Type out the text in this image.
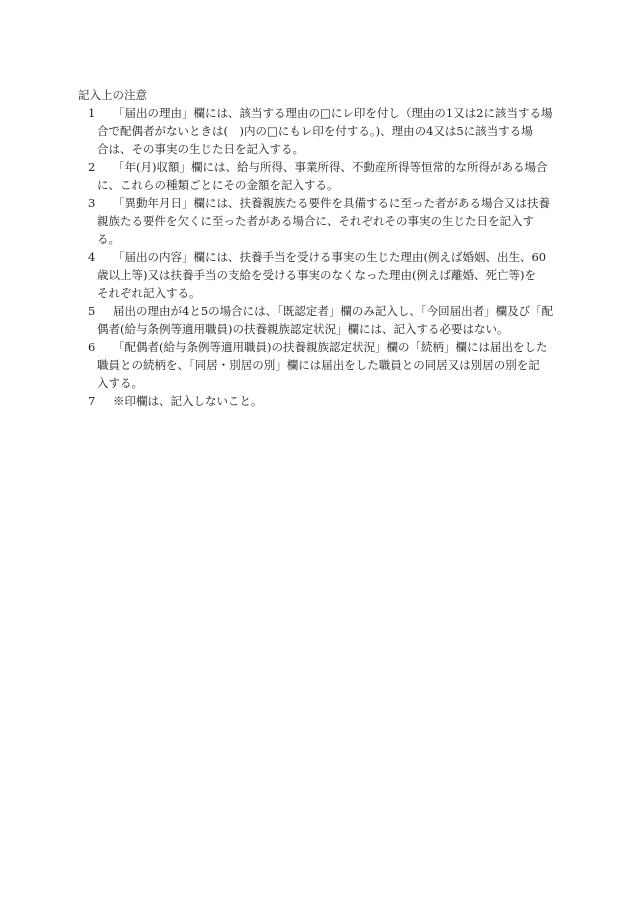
記入上の注意
1 「届出の理由」欄には、該当する理由の□にレ印を付し（理由の1又は2に該当する場
合で配偶者がないときは(　)内の□にもレ印を付する。)、理由の4又は5に該当する場
合は、その事実の生じた日を記入する。
2 「年(月)収額」欄には、給与所得、事業所得、不動産所得等恒常的な所得がある場合
に、これらの種類ごとにその金額を記入する。
3 「異動年月日」欄には、扶養親族たる要件を具備するに至った者がある場合又は扶養
親族たる要件を欠くに至った者がある場合に、それぞれその事実の生じた日を記入す
る。
4 「届出の内容」欄には、扶養手当を受ける事実の生じた理由(例えば婚姻、出生、60
歳以上等)又は扶養手当の支給を受ける事実のなくなった理由(例えば離婚、死亡等)を
それぞれ記入する。
5 届出の理由が4と5の場合には、「既認定者」欄のみ記入し、「今回届出者」欄及び「配
偶者(給与条例等適用職員)の扶養親族認定状況」欄には、記入する必要はない。
6 「配偶者(給与条例等適用職員)の扶養親族認定状況」欄の「続柄」欄には届出をした
職員との続柄を、「同居・別居の別」欄には届出をした職員との同居又は別居の別を記
入する。
7 ※印欄は、記入しないこと。
